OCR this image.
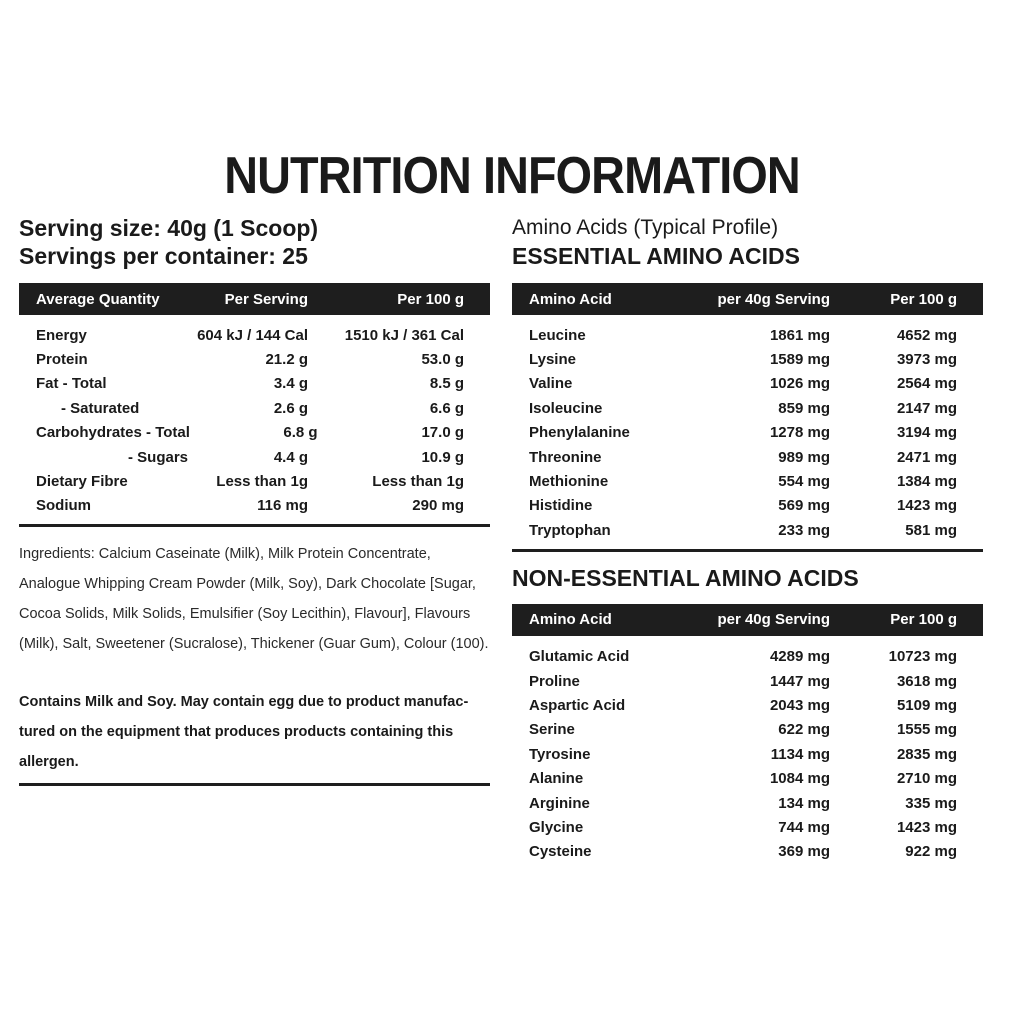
NUTRITION INFORMATION

Serving size: 40g (1 Scoop)

Servings per container: 25

Average Quantity	Per Serving	Per 100 g
Energy	604 kJ / 144 Cal	1510 kJ / 361 Cal
Protein	21.2 g	53.0 g
Fat - Total	3.4 g	8.5 g
- Saturated	2.6 g	6.6 g
Carbohydrates - Total	6.8 g	17.0 g
- Sugars	4.4 g	10.9 g
Dietary Fibre	Less than 1g	Less than 1g
Sodium	116 mg	290 mg

Ingredients: Calcium Caseinate (Milk), Milk Protein Concentrate, Analogue Whipping Cream Powder (Milk, Soy), Dark Chocolate [Sugar, Cocoa Solids, Milk Solids, Emulsifier (Soy Lecithin), Flavour], Flavours (Milk), Salt, Sweetener (Sucralose), Thickener (Guar Gum), Colour (100).

Contains Milk and Soy. May contain egg due to product manufac- tured on the equipment that produces products containing this allergen.

Amino Acids (Typical Profile)

ESSENTIAL AMINO ACIDS

Amino Acid	per 40g Serving	Per 100 g
Leucine	1861 mg	4652 mg
Lysine	1589 mg	3973 mg
Valine	1026 mg	2564 mg
Isoleucine	859 mg	2147 mg
Phenylalanine	1278 mg	3194 mg
Threonine	989 mg	2471 mg
Methionine	554 mg	1384 mg
Histidine	569 mg	1423 mg
Tryptophan	233 mg	581 mg

NON-ESSENTIAL AMINO ACIDS

Amino Acid	per 40g Serving	Per 100 g
Glutamic Acid	4289 mg	10723 mg
Proline	1447 mg	3618 mg
Aspartic Acid	2043 mg	5109 mg
Serine	622 mg	1555 mg
Tyrosine	1134 mg	2835 mg
Alanine	1084 mg	2710 mg
Arginine	134 mg	335 mg
Glycine	744 mg	1423 mg
Cysteine	369 mg	922 mg
